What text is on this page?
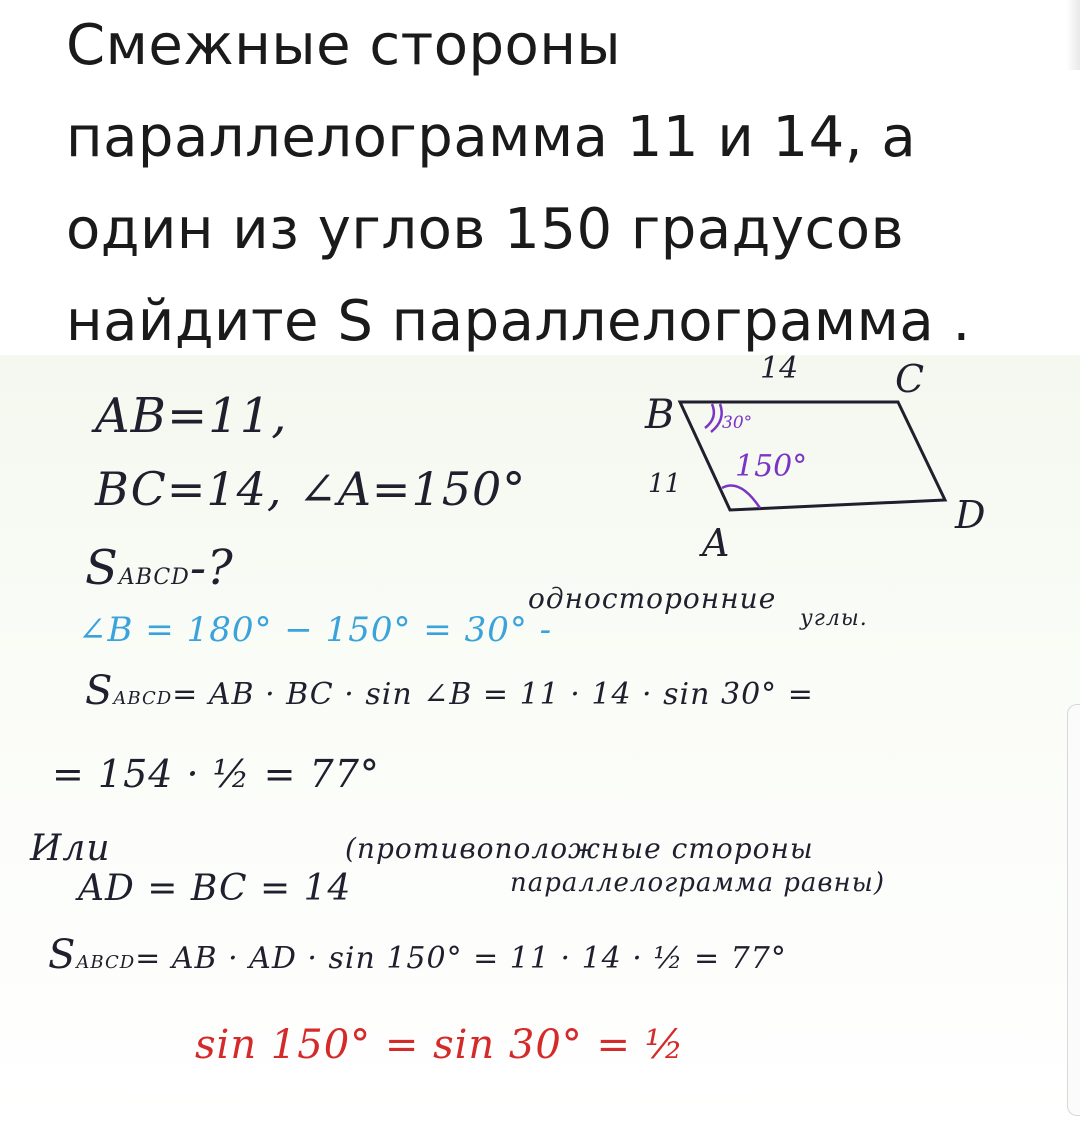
Смежные стороны
параллелограмма 11 и 14, а
один из углов 150 градусов
найдите S параллелограмма .
AB=11,
BC=14, ∠A=150°
SABCD-?
∠B = 180° − 150° = 30° -
односторонние
углы.
SABCD= AB · BC · sin ∠B = 11 · 14 · sin 30° =
= 154 · ½ = 77°
Или
AD = BC = 14
(противоположные стороны
параллелограмма равны)
SABCD= AB · AD · sin 150° = 11 · 14 · ½ = 77°
sin 150° = sin 30° = ½
B
C
A
D
14
11
30°
150°
